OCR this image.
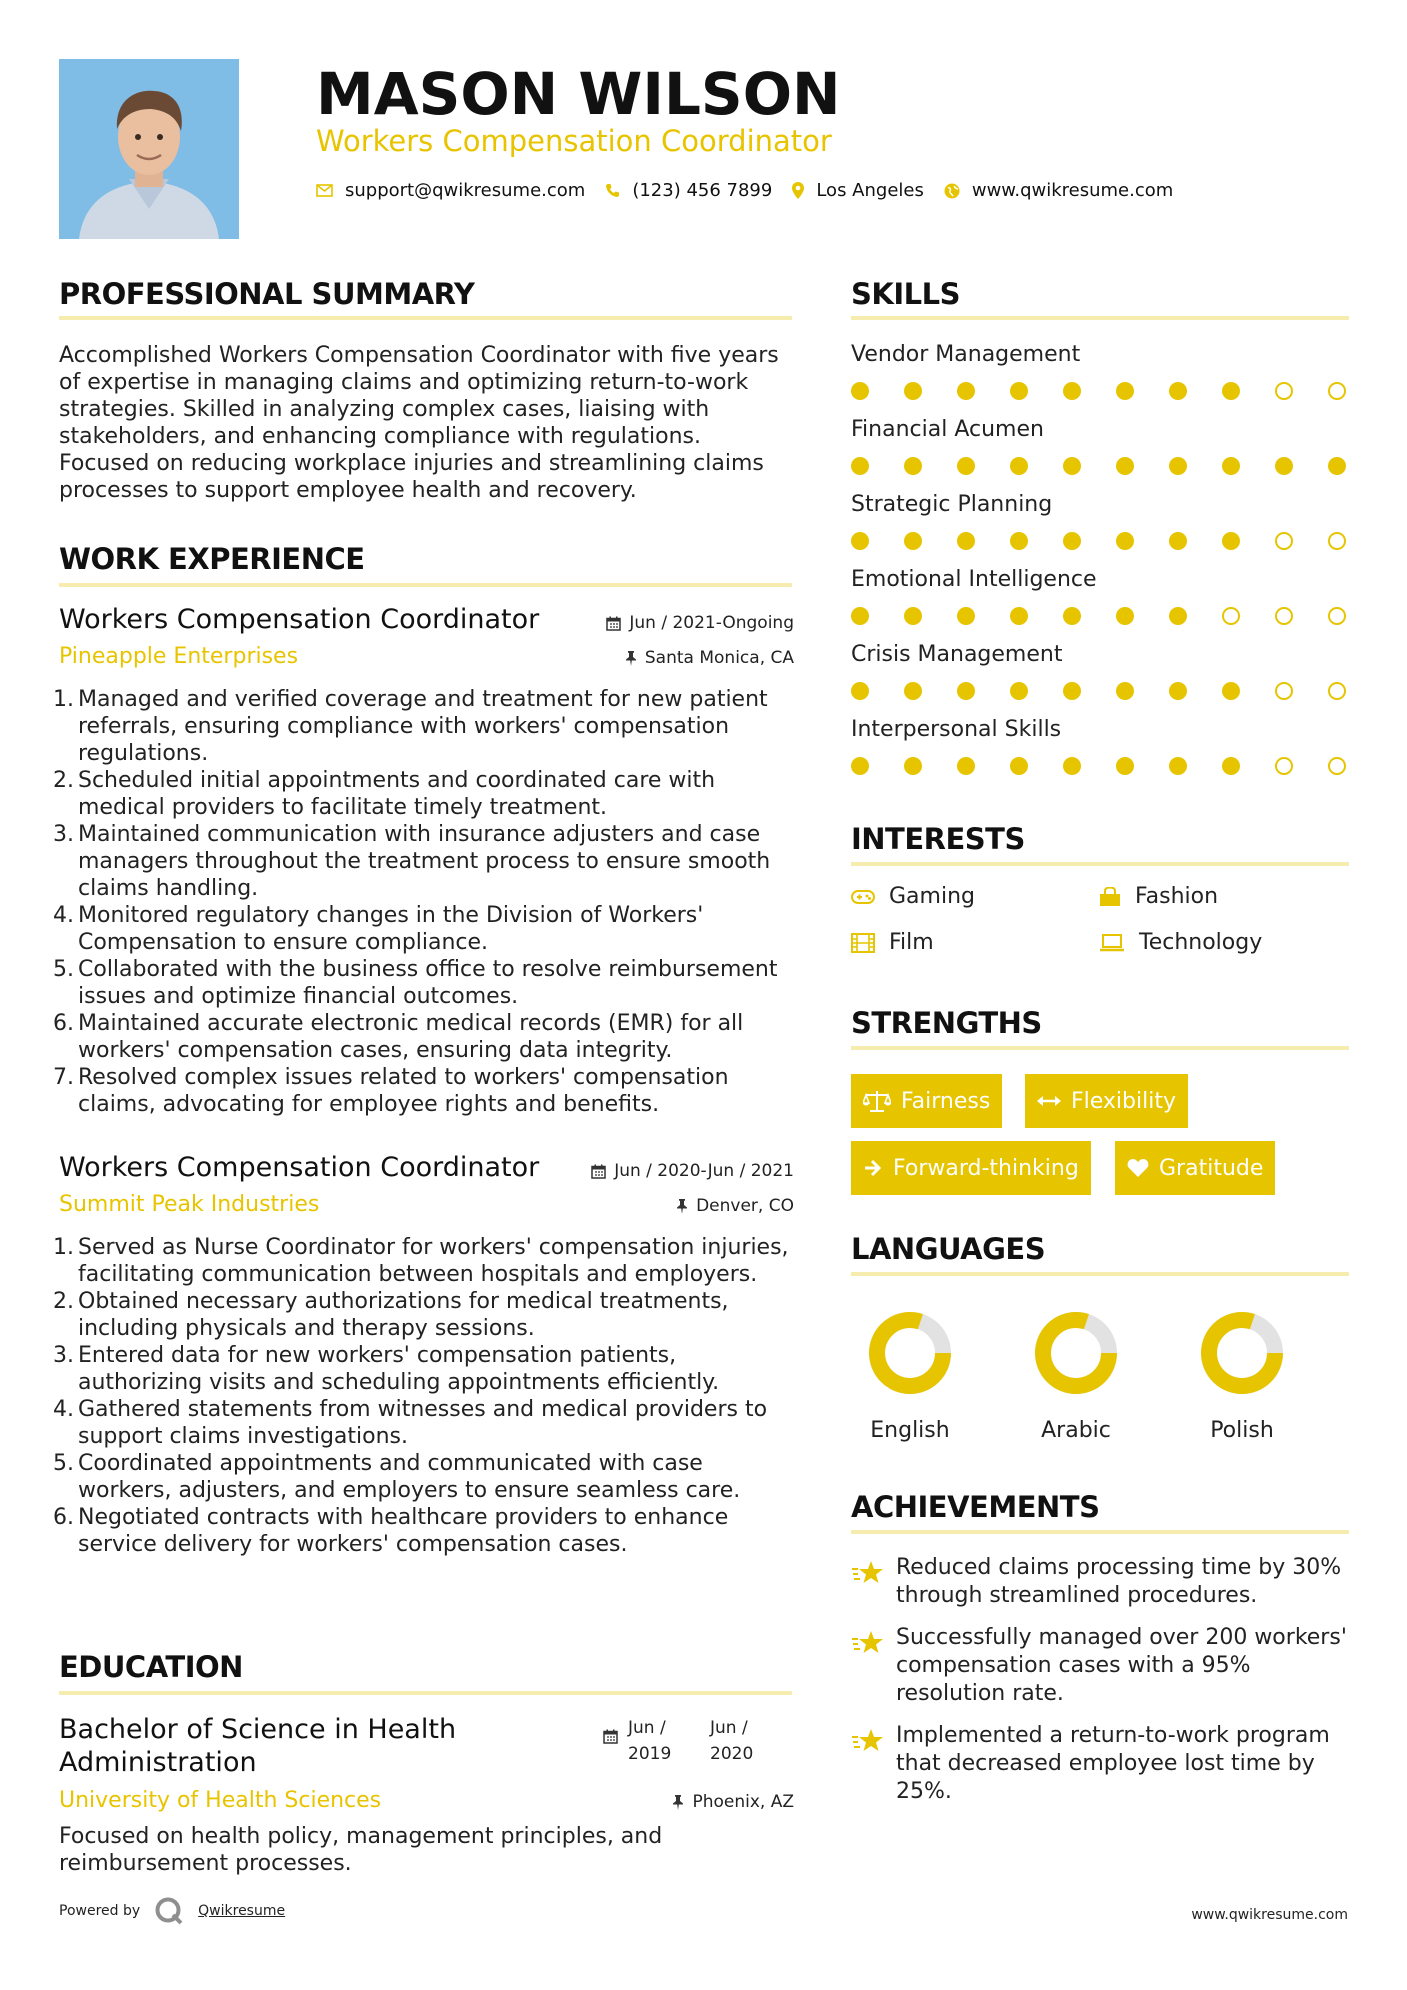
MASON WILSON
Workers Compensation Coordinator
support@qwikresume.com	(123) 456 7899 Los Angeles	www.qwikresume.com
PROFESSIONAL SUMMARY
Accomplished Workers Compensation Coordinator with five years of expertise in managing claims and optimizing return-to-work strategies. Skilled in analyzing complex cases, liaising with stakeholders, and enhancing compliance with regulations. Focused on reducing workplace injuries and streamlining claims processes to support employee health and recovery.
WORK EXPERIENCE
Workers Compensation Coordinator	Jun / 2021-Ongoing
Pineapple Enterprises	Santa Monica, CA
1. Managed and verified coverage and treatment for new patient referrals, ensuring compliance with workers' compensation regulations.
2. Scheduled initial appointments and coordinated care with medical providers to facilitate timely treatment.
3. Maintained communication with insurance adjusters and case managers throughout the treatment process to ensure smooth claims handling.
4. Monitored regulatory changes in the Division of Workers' Compensation to ensure compliance.
5. Collaborated with the business office to resolve reimbursement issues and optimize financial outcomes.
6. Maintained accurate electronic medical records (EMR) for all workers' compensation cases, ensuring data integrity.
7. Resolved complex issues related to workers' compensation claims, advocating for employee rights and benefits.
Workers Compensation Coordinator	Jun / 2020-Jun / 2021
Summit Peak Industries	Denver, CO
1. Served as Nurse Coordinator for workers' compensation injuries, facilitating communication between hospitals and employers.
2. Obtained necessary authorizations for medical treatments, including physicals and therapy sessions.
3. Entered data for new workers' compensation patients, authorizing visits and scheduling appointments efficiently.
4. Gathered statements from witnesses and medical providers to support claims investigations.
5. Coordinated appointments and communicated with case workers, adjusters, and employers to ensure seamless care.
6. Negotiated contracts with healthcare providers to enhance service delivery for workers' compensation cases.
EDUCATION
Bachelor of Science in Health Administration
Jun /
2019
Jun /
2020
University of Health Sciences	Phoenix, AZ
Focused on health policy, management principles, and reimbursement processes.
SKILLS
Vendor Management
Financial Acumen
Strategic Planning
Emotional Intelligence
Crisis Management
Interpersonal Skills
INTERESTS
Gaming	Fashion
Film	Technology
STRENGTHS
Fairness	Flexibility
Forward-thinking	Gratitude
LANGUAGES
English	Arabic	Polish
ACHIEVEMENTS
Reduced claims processing time by 30% through streamlined procedures.
Successfully managed over 200 workers' compensation cases with a 95% resolution rate.
Implemented a return-to-work program that decreased employee lost time by 25%.
Powered by	Qwikresume	www.qwikresume.com
